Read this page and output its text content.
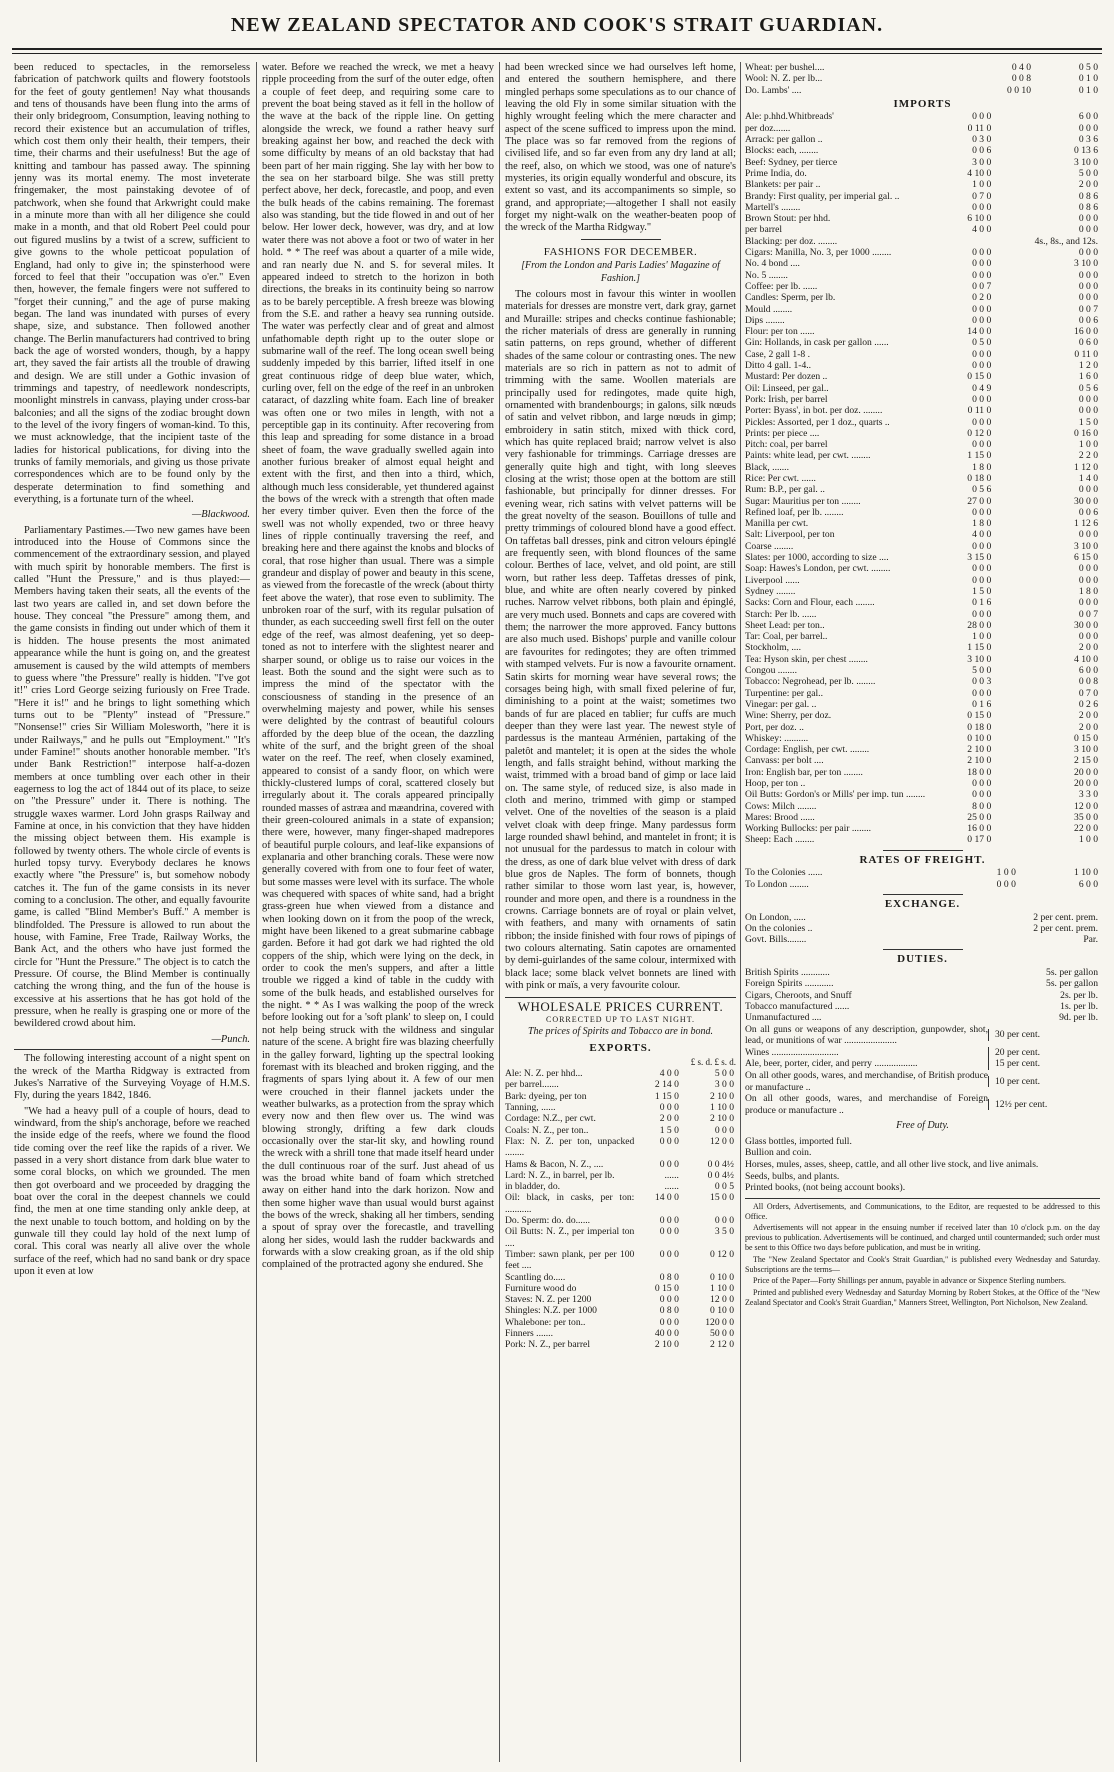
NEW ZEALAND SPECTATOR AND COOK'S STRAIT GUARDIAN.

been reduced to spectacles, in the remorseless fabrication of patchwork quilts and flowery footstools for the feet of gouty gentlemen! Nay what thousands and tens of thousands have been flung into the arms of their only bridegroom, Consumption, leaving nothing to record their existence but an accumulation of trifles, which cost them only their health, their tempers, their time, their charms and their usefulness! But the age of knitting and tambour has passed away. The spinning jenny was its mortal enemy. The most inveterate fringemaker, the most painstaking devotee of of patchwork, when she found that Arkwright could make in a minute more than with all her diligence she could make in a month, and that old Robert Peel could pour out figured muslins by a twist of a screw, sufficient to give gowns to the whole petticoat population of England, had only to give in; the spinsterhood were forced to feel that their "occupation was o'er." Even then, however, the female fingers were not suffered to "forget their cunning," and the age of purse making began. The land was inundated with purses of every shape, size, and substance. Then followed another change. The Berlin manufacturers had contrived to bring back the age of worsted wonders, though, by a happy art, they saved the fair artists all the trouble of drawing and design. We are still under a Gothic invasion of trimmings and tapestry, of needlework nondescripts, moonlight minstrels in canvass, playing under cross-bar balconies; and all the signs of the zodiac brought down to the level of the ivory fingers of woman-kind. To this, we must acknowledge, that the incipient taste of the ladies for historical publications, for diving into the trunks of family memorials, and giving us those private correspondences which are to be found only by the desperate determination to find something and everything, is a fortunate turn of the wheel.

—Blackwood.

Parliamentary Pastimes.—Two new games have been introduced into the House of Commons since the commencement of the extraordinary session, and played with much spirit by honorable members. The first is called "Hunt the Pressure," and is thus played:—Members having taken their seats, all the events of the last two years are called in, and set down before the house. They conceal "the Pressure" among them, and the game consists in finding out under which of them it is hidden. The house presents the most animated appearance while the hunt is going on, and the greatest amusement is caused by the wild attempts of members to guess where "the Pressure" really is hidden. "I've got it!" cries Lord George seizing furiously on Free Trade. "Here it is!" and he brings to light something which turns out to be "Plenty" instead of "Pressure." "Nonsense!" cries Sir William Molesworth, "here it is under Railways," and he pulls out "Employment." "It's under Famine!" shouts another honorable member. "It's under Bank Restriction!" interpose half-a-dozen members at once tumbling over each other in their eagerness to log the act of 1844 out of its place, to seize on "the Pressure" under it. There is nothing. The struggle waxes warmer. Lord John grasps Railway and Famine at once, in his conviction that they have hidden the missing object between them. His example is followed by twenty others. The whole circle of events is hurled topsy turvy. Everybody declares he knows exactly where "the Pressure" is, but somehow nobody catches it. The fun of the game consists in its never coming to a conclusion. The other, and equally favourite game, is called "Blind Member's Buff." A member is blindfolded. The Pressure is allowed to run about the house, with Famine, Free Trade, Railway Works, the Bank Act, and the others who have just formed the circle for "Hunt the Pressure." The object is to catch the Pressure. Of course, the Blind Member is continually catching the wrong thing, and the fun of the house is excessive at his assertions that he has got hold of the pressure, when he really is grasping one or more of the bewildered crowd about him.

—Punch.

The following interesting account of a night spent on the wreck of the Martha Ridgway is extracted from Jukes's Narrative of the Surveying Voyage of H.M.S. Fly, during the years 1842, 1846.

"We had a heavy pull of a couple of hours, dead to windward, from the ship's anchorage, before we reached the inside edge of the reefs, where we found the flood tide coming over the reef like the rapids of a river. We passed in a very short distance from dark blue water to some coral blocks, on which we grounded. The men then got overboard and we proceeded by dragging the boat over the coral in the deepest channels we could find, the men at one time standing only ankle deep, at the next unable to touch bottom, and holding on by the gunwale till they could lay hold of the next lump of coral. This coral was nearly all alive over the whole surface of the reef, which had no sand bank or dry space upon it even at low

water. Before we reached the wreck, we met a heavy ripple proceeding from the surf of the outer edge, often a couple of feet deep, and requiring some care to prevent the boat being staved as it fell in the hollow of the wave at the back of the ripple line. On getting alongside the wreck, we found a rather heavy surf breaking against her bow, and reached the deck with some difficulty by means of an old backstay that had been part of her main rigging. She lay with her bow to the sea on her starboard bilge. She was still pretty perfect above, her deck, forecastle, and poop, and even the bulk heads of the cabins remaining. The foremast also was standing, but the tide flowed in and out of her below. Her lower deck, however, was dry, and at low water there was not above a foot or two of water in her hold. * * The reef was about a quarter of a mile wide, and ran nearly due N. and S. for several miles. It appeared indeed to stretch to the horizon in both directions, the breaks in its continuity being so narrow as to be barely perceptible. A fresh breeze was blowing from the S.E. and rather a heavy sea running outside. The water was perfectly clear and of great and almost unfathomable depth right up to the outer slope or submarine wall of the reef. The long ocean swell being suddenly impeded by this barrier, lifted itself in one great continuous ridge of deep blue water, which, curling over, fell on the edge of the reef in an unbroken cataract, of dazzling white foam. Each line of breaker was often one or two miles in length, with not a perceptible gap in its continuity. After recovering from this leap and spreading for some distance in a broad sheet of foam, the wave gradually swelled again into another furious breaker of almost equal height and extent with the first, and then into a third, which, although much less considerable, yet thundered against the bows of the wreck with a strength that often made her every timber quiver. Even then the force of the swell was not wholly expended, two or three heavy lines of ripple continually traversing the reef, and breaking here and there against the knobs and blocks of coral, that rose higher than usual. There was a simple grandeur and display of power and beauty in this scene, as viewed from the forecastle of the wreck (about thirty feet above the water), that rose even to sublimity. The unbroken roar of the surf, with its regular pulsation of thunder, as each succeeding swell first fell on the outer edge of the reef, was almost deafening, yet so deep-toned as not to interfere with the slightest nearer and sharper sound, or oblige us to raise our voices in the least. Both the sound and the sight were such as to impress the mind of the spectator with the consciousness of standing in the presence of an overwhelming majesty and power, while his senses were delighted by the contrast of beautiful colours afforded by the deep blue of the ocean, the dazzling white of the surf, and the bright green of the shoal water on the reef. The reef, when closely examined, appeared to consist of a sandy floor, on which were thickly-clustered lumps of coral, scattered closely but irregularly about it. The corals appeared principally rounded masses of astræa and mæandrina, covered with their green-coloured animals in a state of expansion; there were, however, many finger-shaped madrepores of beautiful purple colours, and leaf-like expansions of explanaria and other branching corals. These were now generally covered with from one to four feet of water, but some masses were level with its surface. The whole was chequered with spaces of white sand, had a bright grass-green hue when viewed from a distance and when looking down on it from the poop of the wreck, might have been likened to a great submarine cabbage garden. Before it had got dark we had righted the old coppers of the ship, which were lying on the deck, in order to cook the men's suppers, and after a little trouble we rigged a kind of table in the cuddy with some of the bulk heads, and established ourselves for the night. * * As I was walking the poop of the wreck before looking out for a 'soft plank' to sleep on, I could not help being struck with the wildness and singular nature of the scene. A bright fire was blazing cheerfully in the galley forward, lighting up the spectral looking foremast with its bleached and broken rigging, and the fragments of spars lying about it. A few of our men were crouched in their flannel jackets under the weather bulwarks, as a protection from the spray which every now and then flew over us. The wind was blowing strongly, drifting a few dark clouds occasionally over the star-lit sky, and howling round the wreck with a shrill tone that made itself heard under the dull continuous roar of the surf. Just ahead of us was the broad white band of foam which stretched away on either hand into the dark horizon. Now and then some higher wave than usual would burst against the bows of the wreck, shaking all her timbers, sending a spout of spray over the forecastle, and travelling along her sides, would lash the rudder backwards and forwards with a slow creaking groan, as if the old ship complained of the protracted agony she endured. She

had been wrecked since we had ourselves left home, and entered the southern hemisphere, and there mingled perhaps some speculations as to our chance of leaving the old Fly in some similar situation with the highly wrought feeling which the mere character and aspect of the scene sufficed to impress upon the mind. The place was so far removed from the regions of civilised life, and so far even from any dry land at all; the reef, also, on which we stood, was one of nature's mysteries, its origin equally wonderful and obscure, its extent so vast, and its accompaniments so simple, so grand, and appropriate;—altogether I shall not easily forget my night-walk on the weather-beaten poop of the wreck of the Martha Ridgway."

FASHIONS FOR DECEMBER.
[From the London and Paris Ladies' Magazine of Fashion.]

The colours most in favour this winter in woollen materials for dresses are monstre vert, dark gray, garnet and Muraille: stripes and checks continue fashionable; the richer materials of dress are generally in running satin patterns, on reps ground, whether of different shades of the same colour or contrasting ones. The new materials are so rich in pattern as not to admit of trimming with the same. Woollen materials are principally used for redingotes, made quite high, ornamented with brandenbourgs; in galons, silk nœuds of satin and velvet ribbon, and large nœuds in gimp; embroidery in satin stitch, mixed with thick cord, which has quite replaced braid; narrow velvet is also very fashionable for trimmings. Carriage dresses are generally quite high and tight, with long sleeves closing at the wrist; those open at the bottom are still fashionable, but principally for dinner dresses. For evening wear, rich satins with velvet patterns will be the great novelty of the season. Bouillons of tulle and pretty trimmings of coloured blond have a good effect. On taffetas ball dresses, pink and citron velours épinglé are frequently seen, with blond flounces of the same colour. Berthes of lace, velvet, and old point, are still worn, but rather less deep. Taffetas dresses of pink, blue, and white are often nearly covered by pinked ruches. Narrow velvet ribbons, both plain and épinglé, are very much used. Bonnets and caps are covered with them; the narrower the more approved. Fancy buttons are also much used. Bishops' purple and vanille colour are favourites for redingotes; they are often trimmed with stamped velvets. Fur is now a favourite ornament. Satin skirts for morning wear have several rows; the corsages being high, with small fixed pelerine of fur, diminishing to a point at the waist; sometimes two bands of fur are placed en tablier; fur cuffs are much deeper than they were last year. The newest style of pardessus is the manteau Arménien, partaking of the paletôt and mantelet; it is open at the sides the whole length, and falls straight behind, without marking the waist, trimmed with a broad band of gimp or lace laid on. The same style, of reduced size, is also made in cloth and merino, trimmed with gimp or stamped velvet. One of the novelties of the season is a plaid velvet cloak with deep fringe. Many pardessus form large rounded shawl behind, and mantelet in front; it is not unusual for the pardessus to match in colour with the dress, as one of dark blue velvet with dress of dark blue gros de Naples. The form of bonnets, though rather similar to those worn last year, is, however, rounder and more open, and there is a roundness in the crowns. Carriage bonnets are of royal or plain velvet, with feathers, and many with ornaments of satin ribbon; the inside finished with four rows of pipings of two colours alternating. Satin capotes are ornamented by demi-guirlandes of the same colour, intermixed with black lace; some black velvet bonnets are lined with with pink or maïs, a very favourite colour.

WHOLESALE PRICES CURRENT.
CORRECTED UP TO LAST NIGHT.
The prices of Spirits and Tobacco are in bond.
EXPORTS.
£ s. d. £ s. d.
Ale: N. Z. per hhd...	4 0 0	5 0 0
per barrel.......	2 14 0	3 0 0
Bark: dyeing, per ton	1 15 0	2 10 0
Tanning, ......	0 0 0	1 10 0
Cordage: N.Z., per cwt.	2 0 0	2 10 0
Coals: N. Z., per ton..	1 5 0	0 0 0
Flax: N. Z. per ton, unpacked ........	0 0 0	12 0 0
Hams & Bacon, N. Z., ....	0 0 0	0 0 4½
Lard: N. Z., in barrel, per lb.	......	0 0 4½
in bladder, do.	......	0 0 5
Oil: black, in casks, per ton: ...........	14 0 0	15 0 0
Do. Sperm: do. do......	0 0 0	0 0 0
Oil Butts: N. Z., per imperial ton ....	0 0 0	3 5 0
Timber: sawn plank, per per 100 feet ....	0 0 0	0 12 0
Scantling do.....	0 8 0	0 10 0
Furniture wood do	0 15 0	1 10 0
Staves: N. Z. per 1200	0 0 0	12 0 0
Shingles: N.Z. per 1000	0 8 0	0 10 0
Whalebone: per ton..	0 0 0	120 0 0
Finners .......	40 0 0	50 0 0
Pork: N. Z., per barrel	2 10 0	2 12 0
Wheat: per bushel....	0 4 0	0 5 0
Wool: N. Z. per lb...	0 0 8	0 1 0
Do. Lambs' ....	0 0 10	0 1 0
IMPORTS
Ale: p.hhd.Whitbreads'	0 0 0	6 0 0
per doz.......	0 11 0	0 0 0
Arrack: per gallon ..	0 3 0	0 3 6
Blocks: each, ........	0 0 6	0 13 6
Beef: Sydney, per tierce	3 0 0	3 10 0
Prime India, do.	4 10 0	5 0 0
Blankets: per pair ..	1 0 0	2 0 0
Brandy: First quality, per imperial gal. ..	0 7 0	0 8 6
Martell's ........	0 0 0	0 8 6
Brown Stout: per hhd.	6 10 0	0 0 0
per barrel	4 0 0	0 0 0
Blacking: per doz. ........		4s., 8s., and 12s.
Cigars: Manilla, No. 3, per 1000 ........	0 0 0	0 0 0
No. 4 bond ....	0 0 0	3 10 0
No. 5 ........	0 0 0	0 0 0
Coffee: per lb. ......	0 0 7	0 0 0
Candles: Sperm, per lb.	0 2 0	0 0 0
Mould ........	0 0 0	0 0 7
Dips ........	0 0 0	0 0 6
Flour: per ton ......	14 0 0	16 0 0
Gin: Hollands, in cask per gallon ......	0 5 0	0 6 0
Case, 2 gall 1-8 .	0 0 0	0 11 0
Ditto 4 gall. 1-4..	0 0 0	1 2 0
Mustard: Per dozen ..	0 15 0	1 6 0
Oil: Linseed, per gal..	0 4 9	0 5 6
Pork: Irish, per barrel	0 0 0	0 0 0
Porter: Byass', in bot. per doz. ........	0 11 0	0 0 0
Pickles: Assorted, per 1 doz., quarts ..	0 0 0	1 5 0
Prints: per piece ....	0 12 0	0 16 0
Pitch: coal, per barrel	0 0 0	1 0 0
Paints: white lead, per cwt. ........	1 15 0	2 2 0
Black, .......	1 8 0	1 12 0
Rice: Per cwt. ......	0 18 0	1 4 0
Rum: B.P., per gal. ..	0 5 6	0 0 0
Sugar: Mauritius per ton ........	27 0 0	30 0 0
Refined loaf, per lb. ........	0 0 0	0 0 6
Manilla per cwt.	1 8 0	1 12 6
Salt: Liverpool, per ton	4 0 0	0 0 0
Coarse ........	0 0 0	3 10 0
Slates: per 1000, according to size ....	3 15 0	6 15 0
Soap: Hawes's London, per cwt. ........	0 0 0	0 0 0
Liverpool ......	0 0 0	0 0 0
Sydney ........	1 5 0	1 8 0
Sacks: Corn and Flour, each ........	0 1 6	0 0 0
Starch: Per lb. ......	0 0 0	0 0 7
Sheet Lead: per ton..	28 0 0	30 0 0
Tar: Coal, per barrel..	1 0 0	0 0 0
Stockholm, ....	1 15 0	2 0 0
Tea: Hyson skin, per chest ........	3 10 0	4 10 0
Congou ........	5 0 0	6 0 0
Tobacco: Negrohead, per lb. ........	0 0 3	0 0 8
Turpentine: per gal..	0 0 0	0 7 0
Vinegar: per gal. ..	0 1 6	0 2 6
Wine: Sherry, per doz.	0 15 0	2 0 0
Port, per doz. ..	0 18 0	2 0 0
Whiskey: ..........	0 10 0	0 15 0
Cordage: English, per cwt. ........	2 10 0	3 10 0
Canvass: per bolt ....	2 10 0	2 15 0
Iron: English bar, per ton ........	18 0 0	20 0 0
Hoop, per ton ..	0 0 0	20 0 0
Oil Butts: Gordon's or Mills' per imp. tun ........	0 0 0	3 3 0
Cows: Milch ........	8 0 0	12 0 0
Mares: Brood ......	25 0 0	35 0 0
Working Bullocks: per pair ........	16 0 0	22 0 0
Sheep: Each ........	0 17 0	1 0 0
RATES OF FREIGHT.
To the Colonies ......	1 0 0	1 10 0
To London ........	0 0 0	6 0 0
EXCHANGE.
On London, .....	2 per cent. prem.
On the colonies ..	2 per cent. prem.
Govt. Bills........	Par.
DUTIES.
British Spirits ............	5s. per gallon
Foreign Spirits ............	5s. per gallon
Cigars, Cheroots, and Snuff	2s. per lb.
Tobacco manufactured ......	1s. per lb.
Unmanufactured ....	9d. per lb.
On all guns or weapons of any description, gunpowder, shot, lead, or munitions of war ......................
30 per cent.
Wines ............................	20 per cent.
Ale, beer, porter, cider, and perry ..................	15 per cent.
On all other goods, wares, and merchandise, of British produce or manufacture ..
10 per cent.
On all other goods, wares, and merchandise of Foreign produce or manufacture ..
12½ per cent.
Free of Duty.
Glass bottles, imported full.
Bullion and coin.
Horses, mules, asses, sheep, cattle, and all other live stock, and live animals.
Seeds, bulbs, and plants.
Printed books, (not being account books).

All Orders, Advertisements, and Communications, to the Editor, are requested to be addressed to this Office.

Advertisements will not appear in the ensuing number if received later than 10 o'clock p.m. on the day previous to publication. Advertisements will be continued, and charged until countermanded; such order must be sent to this Office two days before publication, and must be in writing.

The "New Zealand Spectator and Cook's Strait Guardian," is published every Wednesday and Saturday. Subscriptions are the terms—

Price of the Paper—Forty Shillings per annum, payable in advance or Sixpence Sterling numbers.

Printed and published every Wednesday and Saturday Morning by Robert Stokes, at the Office of the "New Zealand Spectator and Cook's Strait Guardian," Manners Street, Wellington, Port Nicholson, New Zealand.
